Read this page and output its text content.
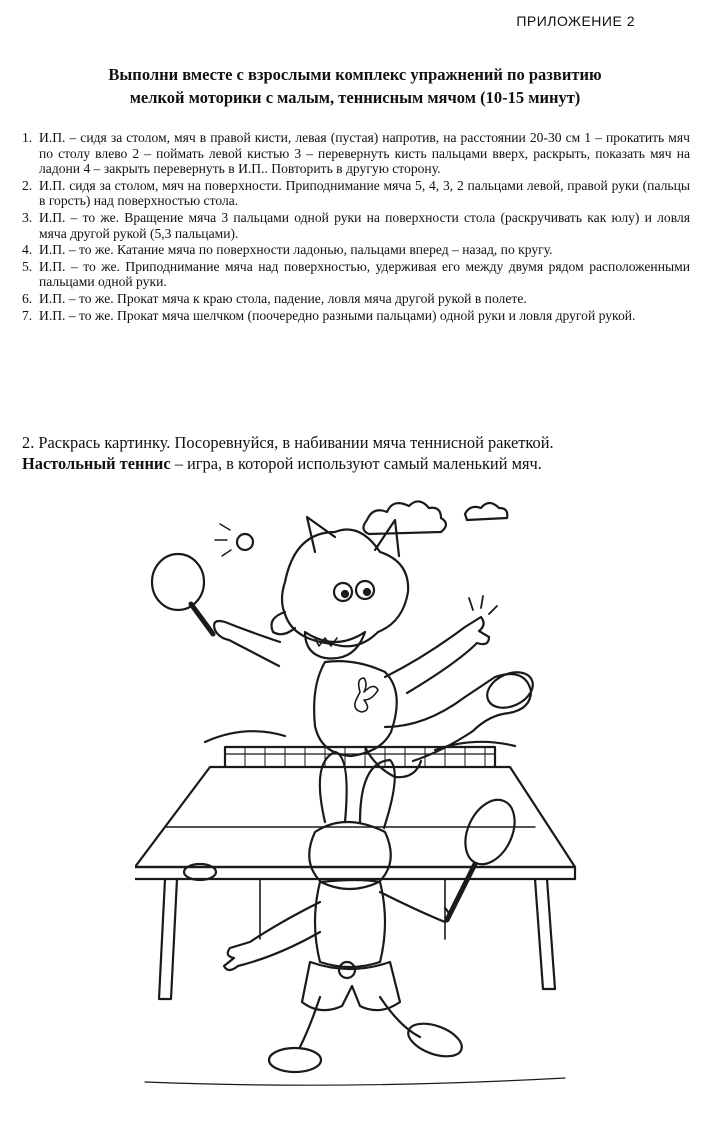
ПРИЛОЖЕНИЕ 2
Выполни вместе с взрослыми комплекс упражнений по развитию
мелкой моторики с малым, теннисным мячом (10-15 минут)
1. И.П. – сидя за столом, мяч в правой кисти, левая (пустая) напротив, на расстоянии 20-30 см 1 – прокатить мяч по столу влево 2 – поймать левой кистью 3 – перевернуть кисть пальцами вверх, раскрыть, показать мяч на ладони 4 – закрыть перевернуть в И.П.. Повторить в другую сторону.
2. И.П. сидя за столом, мяч на поверхности. Приподнимание мяча 5, 4, 3, 2 пальцами левой, правой руки (пальцы в горсть) над поверхностью стола.
3. И.П. – то же. Вращение мяча 3 пальцами одной руки на поверхности стола (раскручивать как юлу) и ловля мяча другой рукой (5,3 пальцами).
4. И.П. – то же. Катание мяча по поверхности ладонью, пальцами вперед – назад, по кругу.
5. И.П. – то же. Приподнимание мяча над поверхностью, удерживая его между двумя рядом расположенными пальцами одной руки.
6. И.П. – то же. Прокат мяча к краю стола, падение, ловля мяча другой рукой в полете.
7. И.П. – то же. Прокат мяча шелчком (поочередно разными пальцами) одной руки и ловля другой рукой.
2. Раскрась картинку. Посоревнуйся, в набивании мяча теннисной ракеткой.
Настольный теннис – игра, в которой используют самый маленький мяч.
